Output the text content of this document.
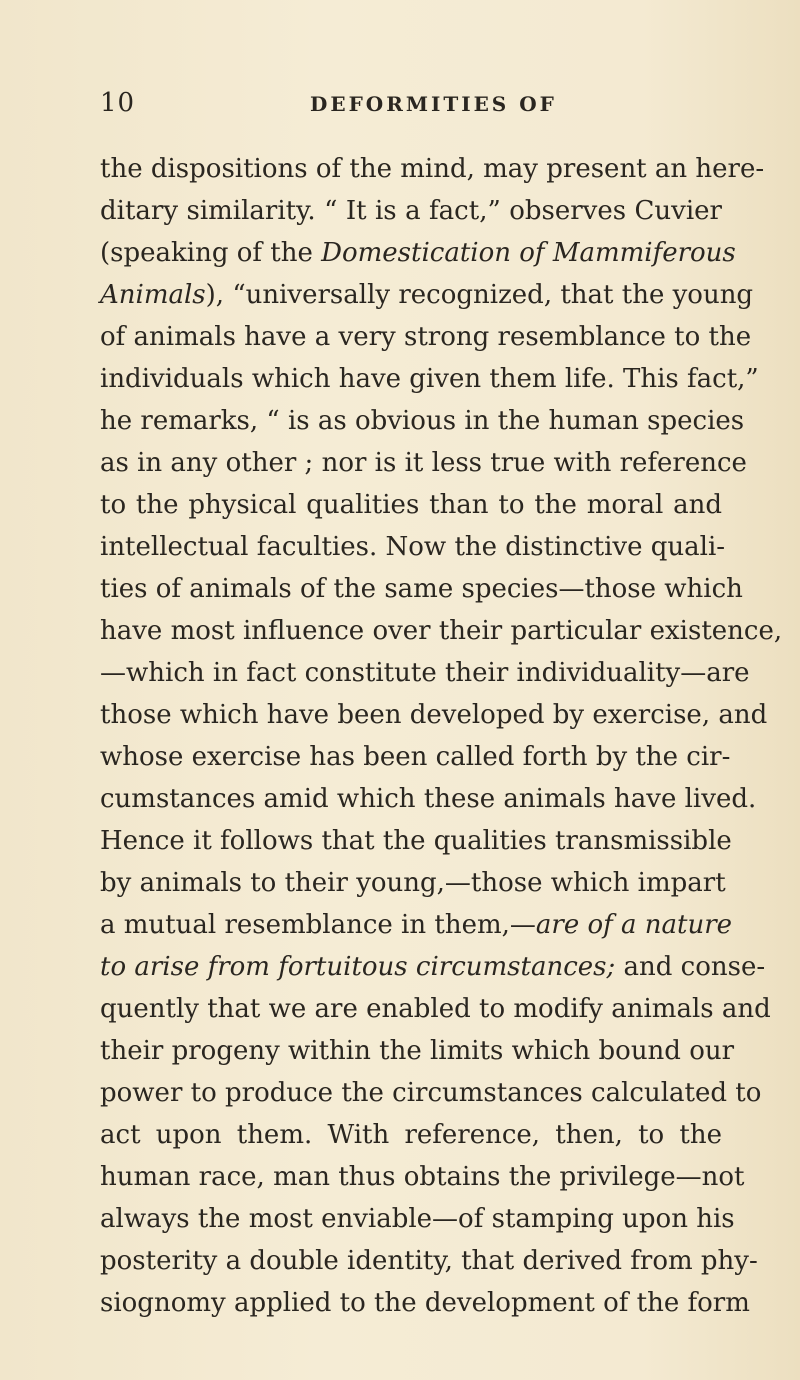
10	DEFORMITIES OF
the dispositions of the mind, may present an here-
ditary similarity. “ It is a fact,” observes Cuvier
(speaking of the Domestication of Mammiferous
Animals), “universally recognized, that the young
of animals have a very strong resemblance to the
individuals which have given them life. This fact,”
he remarks, “ is as obvious in the human species
as in any other ; nor is it less true with reference
to the physical qualities than to the moral and
intellectual faculties. Now the distinctive quali-
ties of animals of the same species—those which
have most influence over their particular existence,
—which in fact constitute their individuality—are
those which have been developed by exercise, and
whose exercise has been called forth by the cir-
cumstances amid which these animals have lived.
Hence it follows that the qualities transmissible
by animals to their young,—those which impart
a mutual resemblance in them,—are of a nature
to arise from fortuitous circumstances; and conse-
quently that we are enabled to modify animals and
their progeny within the limits which bound our
power to produce the circumstances calculated to
act upon them. With reference, then, to the
human race, man thus obtains the privilege—not
always the most enviable—of stamping upon his
posterity a double identity, that derived from phy-
siognomy applied to the development of the form
